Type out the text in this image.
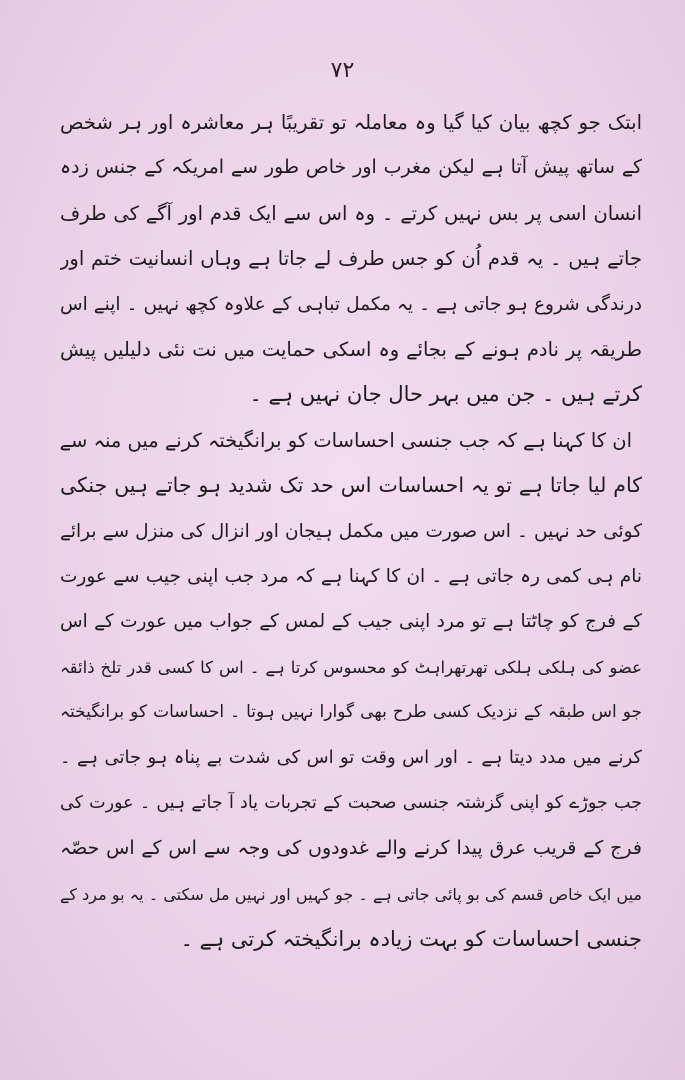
۷۲
ابتک جو کچھ بیان کیا گیا وہ معاملہ تو تقریبًا ہر معاشرہ اور ہر شخص
کے ساتھ پیش آتا ہے لیکن مغرب اور خاص طور سے امریکہ کے جنس زدہ
انسان اسی پر بس نہیں کرتے ۔ وہ اس سے ایک قدم اور آگے کی طرف
جاتے ہیں ۔ یہ قدم اُن کو جس طرف لے جاتا ہے وہاں انسانیت ختم اور
درندگی شروع ہو جاتی ہے ۔ یہ مکمل تباہی کے علاوہ کچھ نہیں ۔ اپنے اس
طریقہ پر نادم ہونے کے بجائے وہ اسکی حمایت میں نت نئی دلیلیں پیش
کرتے ہیں ۔ جن میں بہر حال جان نہیں ہے ۔
ان کا کہنا ہے کہ جب جنسی احساسات کو برانگیختہ کرنے میں منہ سے
کام لیا جاتا ہے تو یہ احساسات اس حد تک شدید ہو جاتے ہیں جنکی
کوئی حد نہیں ۔ اس صورت میں مکمل ہیجان اور انزال کی منزل سے برائے
نام ہی کمی رہ جاتی ہے ۔ ان کا کہنا ہے کہ مرد جب اپنی جیب سے عورت
کے فرج کو چاٹتا ہے تو مرد اپنی جیب کے لمس کے جواب میں عورت کے اس
عضو کی ہلکی ہلکی تھرتھراہٹ کو محسوس کرتا ہے ۔ اس کا کسی قدر تلخ ذائقہ
جو اس طبقہ کے نزدیک کسی طرح بھی گوارا نہیں ہوتا ۔ احساسات کو برانگیختہ
کرنے میں مدد دیتا ہے ۔ اور اس وقت تو اس کی شدت بے پناہ ہو جاتی ہے ۔
جب جوڑے کو اپنی گزشتہ جنسی صحبت کے تجربات یاد آ جاتے ہیں ۔ عورت کی
فرج کے قریب عرق پیدا کرنے والے غدودوں کی وجہ سے اس کے اس حصّہ
میں ایک خاص قسم کی بو پائی جاتی ہے ۔ جو کہیں اور نہیں مل سکتی ۔ یہ بو مرد کے
جنسی احساسات کو بہت زیادہ برانگیختہ کرتی ہے ۔
